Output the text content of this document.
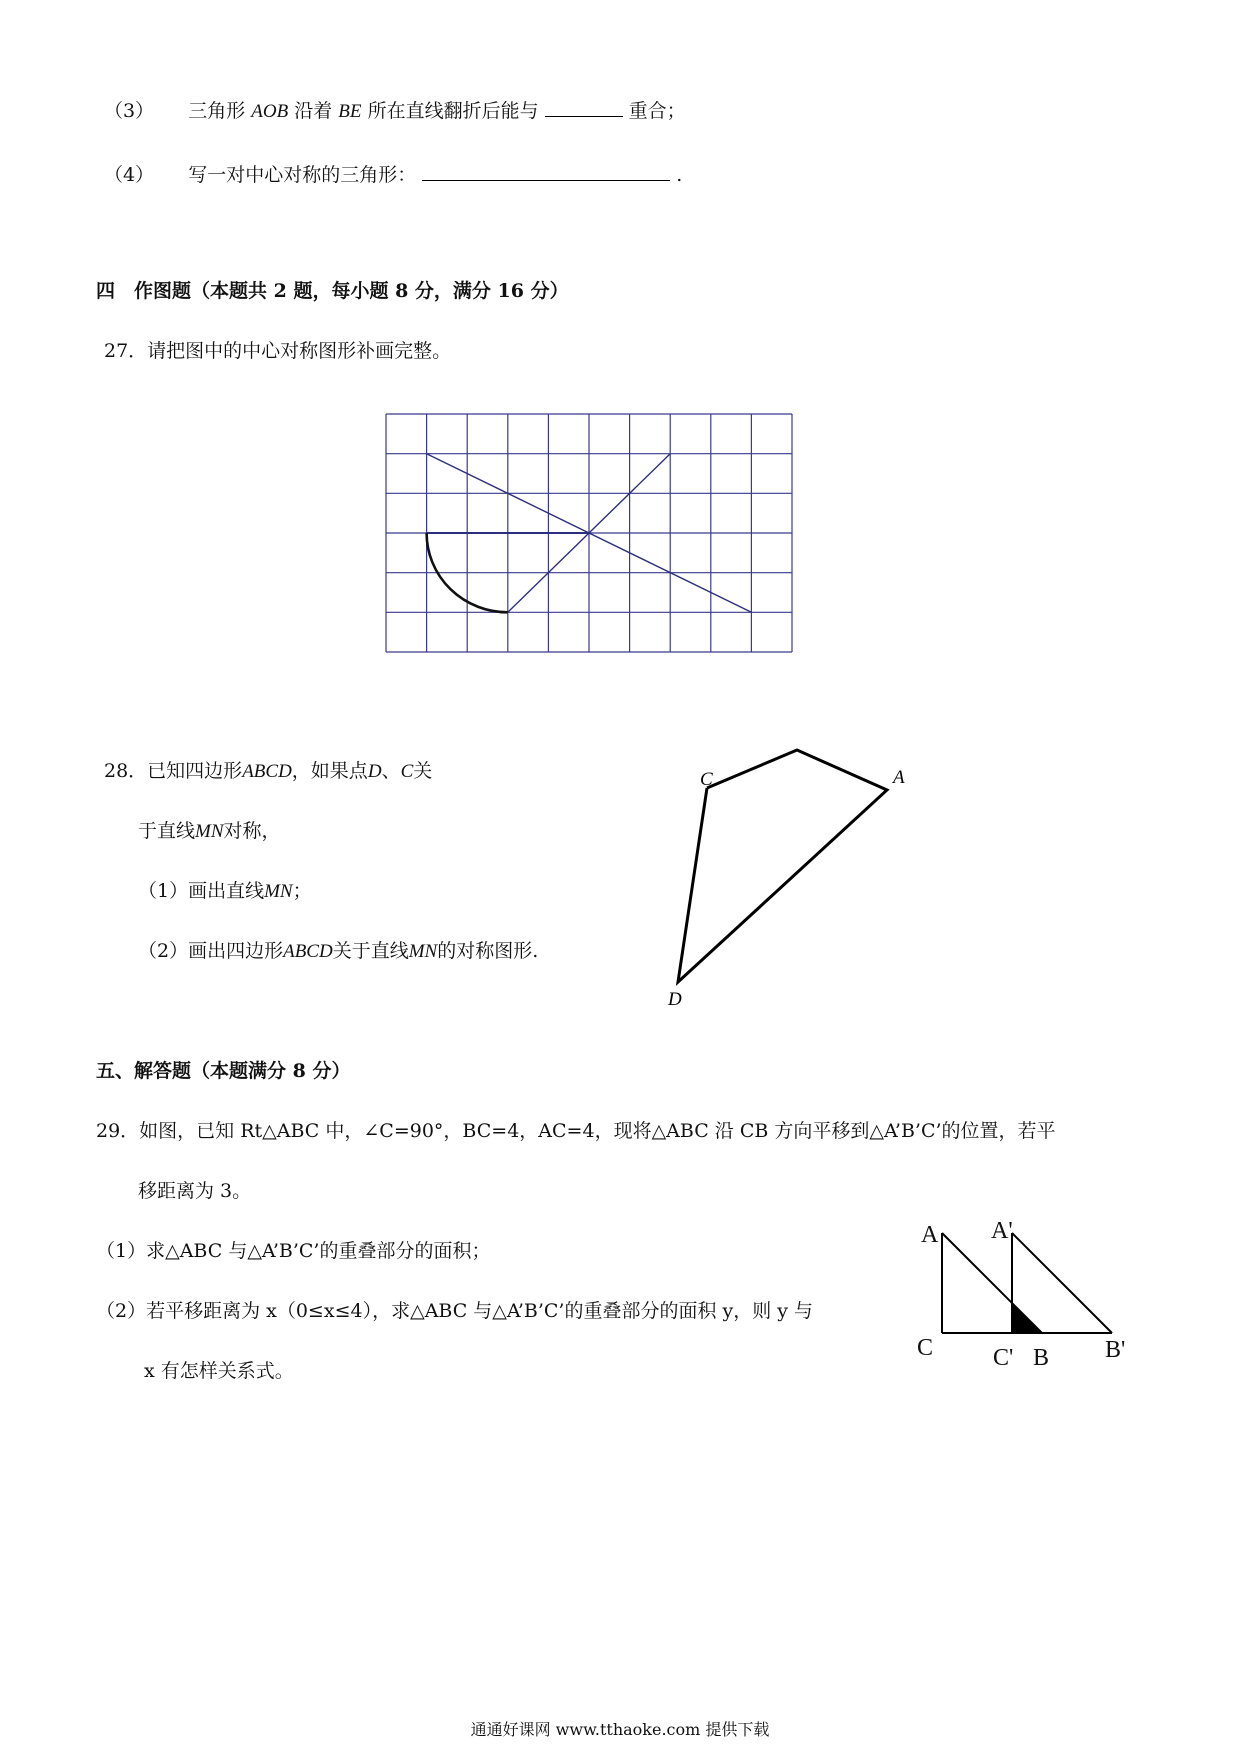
（3） 三角形 AOB 沿着 BE 所在直线翻折后能与	重合；
（4） 写一对中心对称的三角形：	.
四　作图题（本题共 2 题，每小题 8 分，满分 16 分）
27．请把图中的中心对称图形补画完整。
28．已知四边形ABCD，如果点D、C关
于直线MN对称，
（1）画出直线MN；
（2）画出四边形ABCD关于直线MN的对称图形.
C	A
D
五、解答题（本题满分 8 分）
29．如图，已知 Rt△ABC 中，∠C=90°，BC=4，AC=4，现将△ABC 沿 CB 方向平移到△A’B’C’的位置，若平
移距离为 3。
（1）求△ABC 与△A’B’C’的重叠部分的面积；
（2）若平移距离为 x（0≤x≤4），求△ABC 与△A’B’C’的重叠部分的面积 y，则 y 与
x 有怎样关系式。
A A'
C C' B B'
通通好课网 www.tthaoke.com 提供下载
